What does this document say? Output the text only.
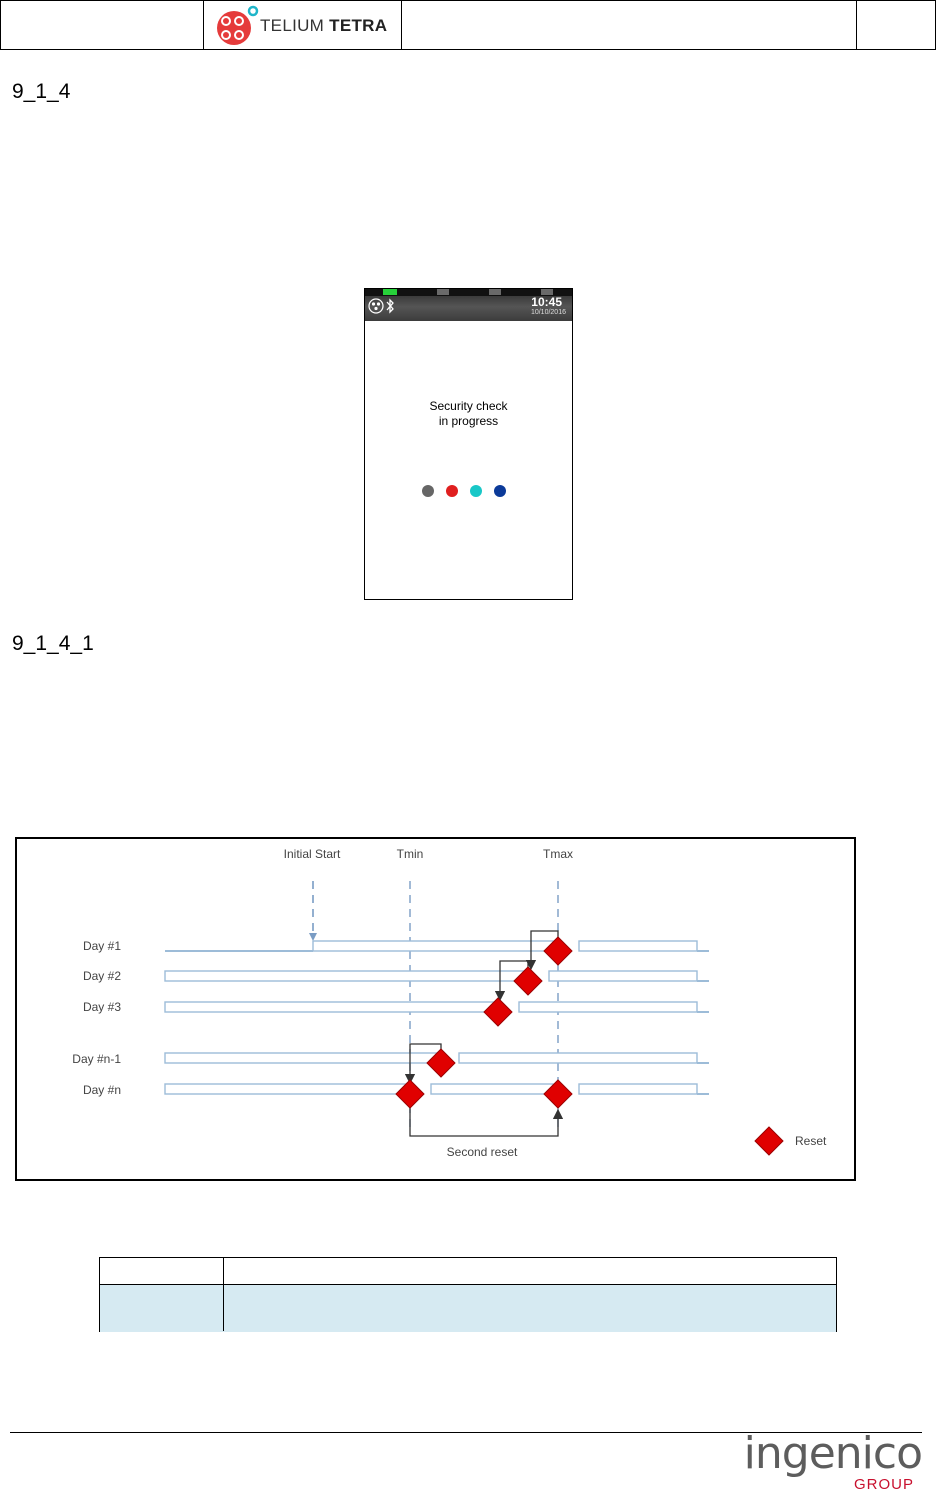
TELIUM TETRA
9_1_4
10:45
10/10/2016
Security check
in progress
9_1_4_1
Initial Start	Tmin	Tmax
Day #1
Day #2
Day #3
Day #n-1
Day #n
Second reset
Reset
ingenico
GROUP
